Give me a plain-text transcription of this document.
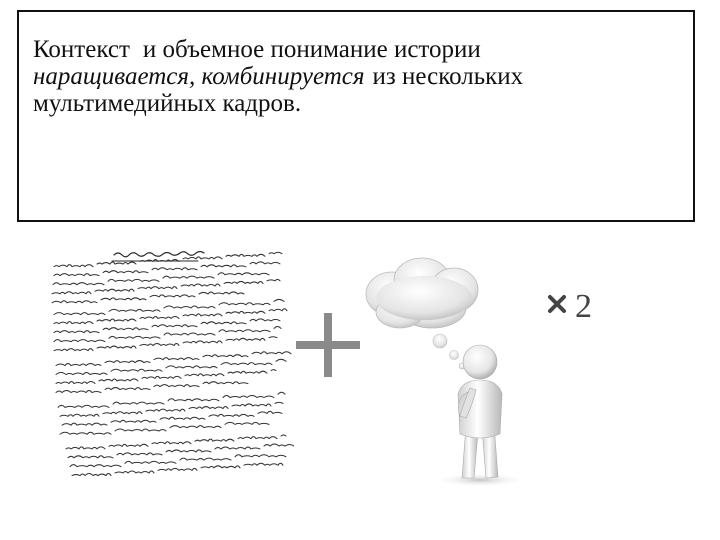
Контекст и объемное понимание истории
наращивается, комбинируется из нескольких
мультимедийных кадров.

2
